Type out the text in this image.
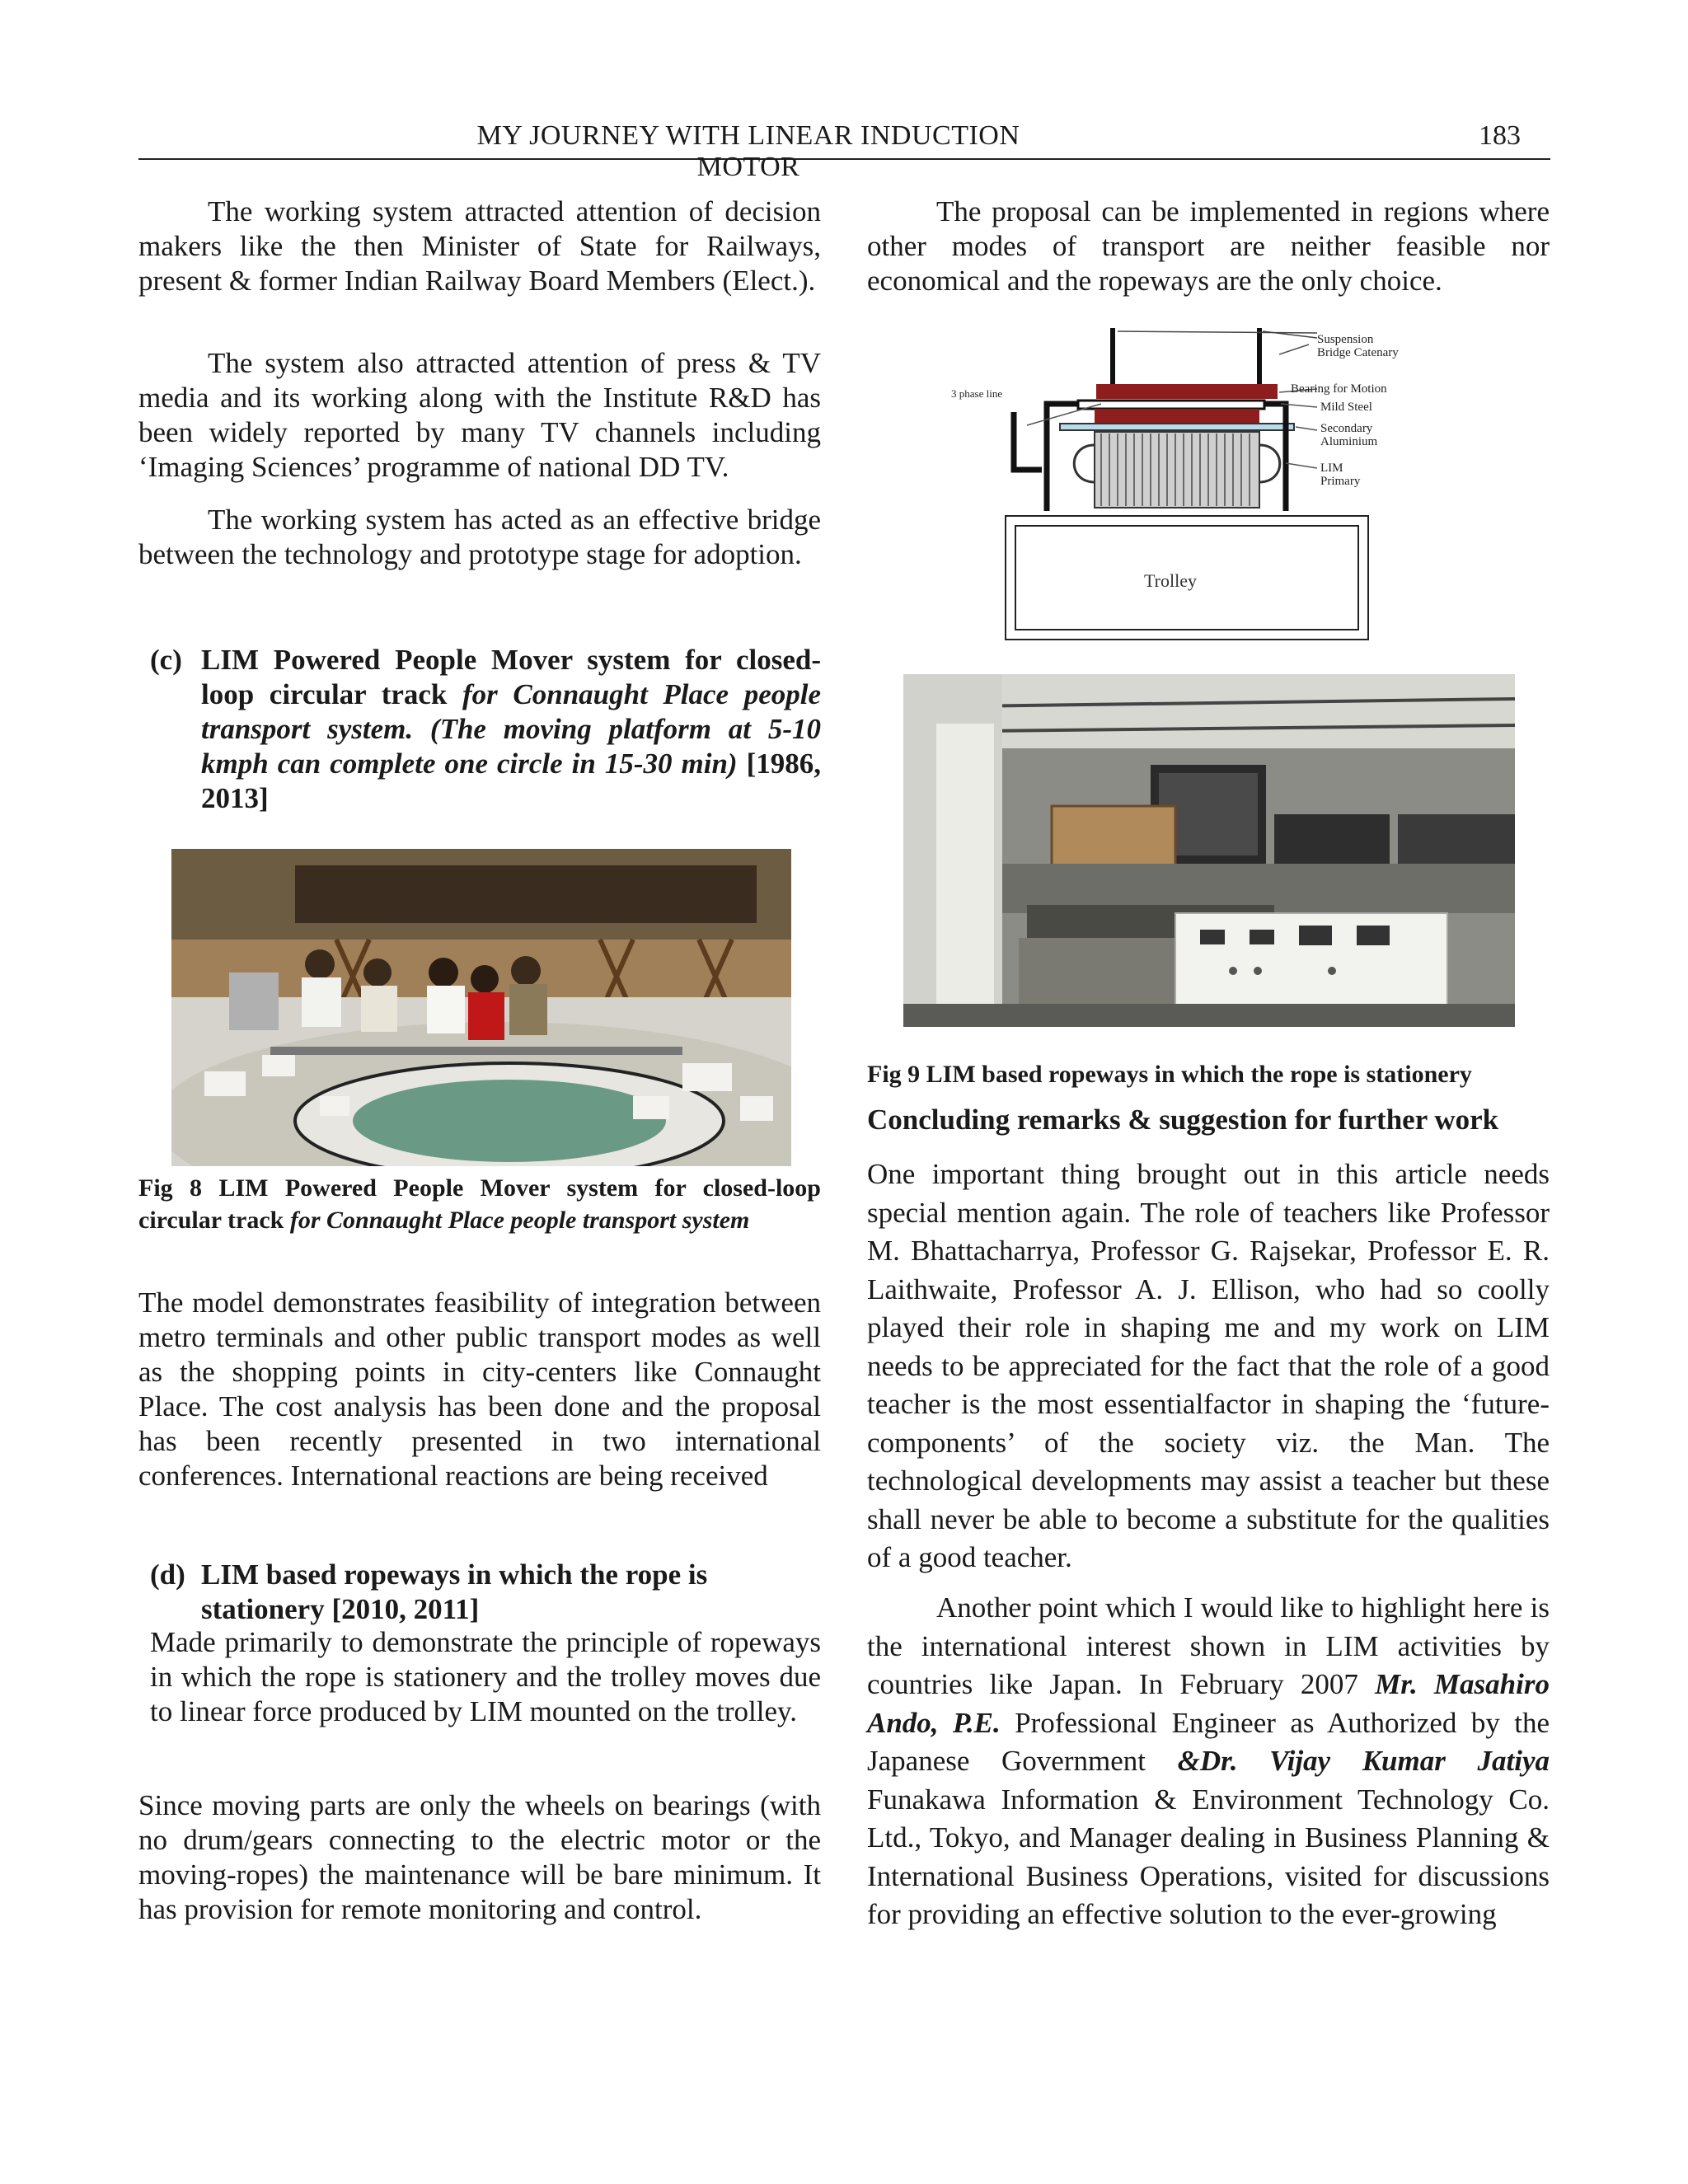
MY JOURNEY WITH LINEAR INDUCTION MOTOR
183

The working system attracted attention of decision makers like the then Minister of State for Railways, present & former Indian Railway Board Members (Elect.).

The system also attracted attention of press & TV media and its working along with the Institute R&D has been widely reported by many TV channels including ‘Imaging Sciences’ programme of national DD TV.

The working system has acted as an effective bridge between the technology and prototype stage for adoption.

(c) LIM Powered People Mover system for closed-loop circular track for Connaught Place people transport system. (The moving platform at 5-10 kmph can complete one circle in 15-30 min) [1986, 2013]
Fig 8 LIM Powered People Mover system for closed-loop circular track for Connaught Place people transport system

The model demonstrates feasibility of integration between metro terminals and other public transport modes as well as the shopping points in city-centers like Connaught Place. The cost analysis has been done and the proposal has been recently presented in two international conferences. International reactions are being received

(d) LIM based ropeways in which the rope is stationery [2010, 2011]

Made primarily to demonstrate the principle of ropeways in which the rope is stationery and the trolley moves due to linear force produced by LIM mounted on the trolley.

Since moving parts are only the wheels on bearings (with no drum/gears connecting to the electric motor or the moving-ropes) the maintenance will be bare minimum. It has provision for remote monitoring and control.

The proposal can be implemented in regions where other modes of transport are neither feasible nor economical and the ropeways are the only choice.

Suspension
Bridge Catenary
Bearing for Motion
Mild Steel
Secondary
Aluminium
LIM
Primary
3 phase line
Trolley
Fig 9 LIM based ropeways in which the rope is stationery
Concluding remarks & suggestion for further work

One important thing brought out in this article needs special mention again. The role of teachers like Professor M. Bhattacharrya, Professor G. Rajsekar, Professor E. R. Laithwaite, Professor A. J. Ellison, who had so coolly played their role in shaping me and my work on LIM needs to be appreciated for the fact that the role of a good teacher is the most essentialfactor in shaping the ‘future-components’ of the society viz. the Man. The technological developments may assist a teacher but these shall never be able to become a substitute for the qualities of a good teacher.

Another point which I would like to highlight here is the international interest shown in LIM activities by countries like Japan. In February 2007 Mr. Masahiro Ando, P.E. Professional Engineer as Authorized by the Japanese Government &Dr. Vijay Kumar Jatiya Funakawa Information & Environment Technology Co. Ltd., Tokyo, and Manager dealing in Business Planning & International Business Operations, visited for discussions for providing an effective solution to the ever-growing
